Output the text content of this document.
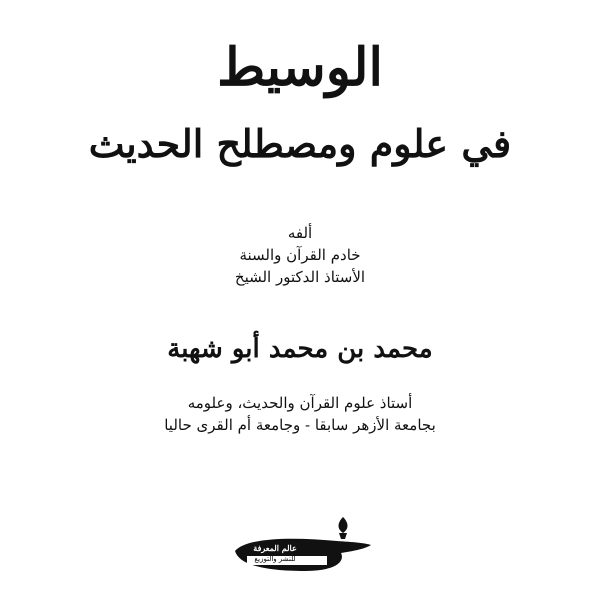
الوسيط
في علوم ومصطلح الحديث
ألفه
خادم القرآن والسنة
الأستاذ الدكتور الشيخ
محمد بن محمد أبو شهبة
أستاذ علوم القرآن والحديث، وعلومه
بجامعة الأزهر سابقا - وجامعة أم القرى حاليا
عالم المعرفة
للنشر والتوزيع
